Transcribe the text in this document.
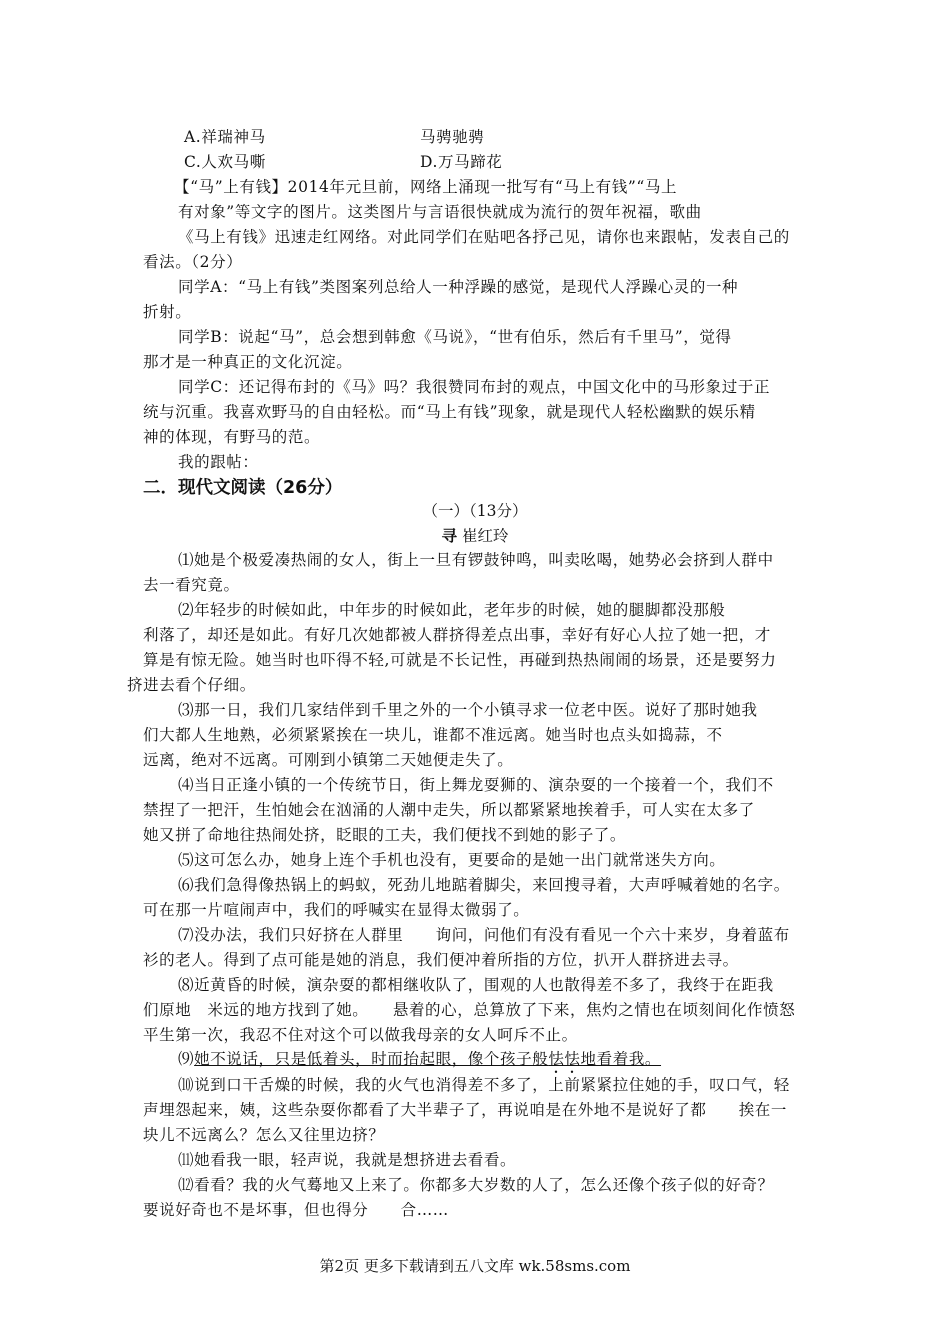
A.祥瑞神马	马骋驰骋

C.人欢马嘶	D.万马蹄花

【“马”上有钱】2014年元旦前，网络上涌现一批写有“马上有钱”“马上

有对象”等文字的图片。这类图片与言语很快就成为流行的贺年祝福，歌曲

《马上有钱》迅速走红网络。对此同学们在贴吧各抒己见，请你也来跟帖，发表自己的

看法。（2分）

同学A：“马上有钱”类图案列总给人一种浮躁的感觉，是现代人浮躁心灵的一种

折射。

同学B：说起“马”，总会想到韩愈《马说》，“世有伯乐，然后有千里马”，觉得

那才是一种真正的文化沉淀。

同学C：还记得布封的《马》吗？我很赞同布封的观点，中国文化中的马形象过于正

统与沉重。我喜欢野马的自由轻松。而“马上有钱”现象，就是现代人轻松幽默的娱乐精

神的体现，有野马的范。

我的跟帖：

二．现代文阅读（26分）

（一）（13分）

寻 崔红玲

⑴她是个极爱凑热闹的女人，街上一旦有锣鼓钟鸣，叫卖吆喝，她势必会挤到人群中

去一看究竟。

⑵年轻步的时候如此，中年步的时候如此，老年步的时候，她的腿脚都没那般

利落了，却还是如此。有好几次她都被人群挤得差点出事，幸好有好心人拉了她一把，才

算是有惊无险。她当时也吓得不轻,可就是不长记性，再碰到热热闹闹的场景，还是要努力

挤进去看个仔细。

⑶那一日，我们几家结伴到千里之外的一个小镇寻求一位老中医。说好了那时她我

们大都人生地熟，必须紧紧挨在一块儿，谁都不准远离。她当时也点头如捣蒜，不

远离，绝对不远离。可刚到小镇第二天她便走失了。

⑷当日正逢小镇的一个传统节日，街上舞龙耍狮的、演杂耍的一个接着一个，我们不

禁捏了一把汗，生怕她会在汹涌的人潮中走失，所以都紧紧地挨着手，可人实在太多了

她又拼了命地往热闹处挤，眨眼的工夫，我们便找不到她的影子了。

⑸这可怎么办，她身上连个手机也没有，更要命的是她一出门就常迷失方向。

⑹我们急得像热锅上的蚂蚁，死劲儿地踮着脚尖，来回搜寻着，大声呼喊着她的名字。

可在那一片喧闹声中，我们的呼喊实在显得太微弱了。

⑺没办法，我们只好挤在人群里　　询问，问他们有没有看见一个六十来岁，身着蓝布

衫的老人。得到了点可能是她的消息，我们便冲着所指的方位，扒开人群挤进去寻。

⑻近黄昏的时候，演杂耍的都相继收队了，围观的人也散得差不多了，我终于在距我

们原地　米远的地方找到了她。　　悬着的心，总算放了下来，焦灼之情也在顷刻间化作愤怒

平生第一次，我忍不住对这个可以做我母亲的女人呵斥不止。

⑼她不说话，只是低着头，时而抬起眼，像个孩子般怯怯地看着我。

⑽说到口干舌燥的时候，我的火气也消得差不多了，上前紧紧拉住她的手，叹口气，轻

声埋怨起来，姨，这些杂耍你都看了大半辈子了，再说咱是在外地不是说好了都　　挨在一

块儿不远离么？怎么又往里边挤？

⑾她看我一眼，轻声说，我就是想挤进去看看。

⑿看看？我的火气蓦地又上来了。你都多大岁数的人了，怎么还像个孩子似的好奇？

要说好奇也不是坏事，但也得分　　合……

第2页 更多下载请到五八文库 wk.58sms.com
